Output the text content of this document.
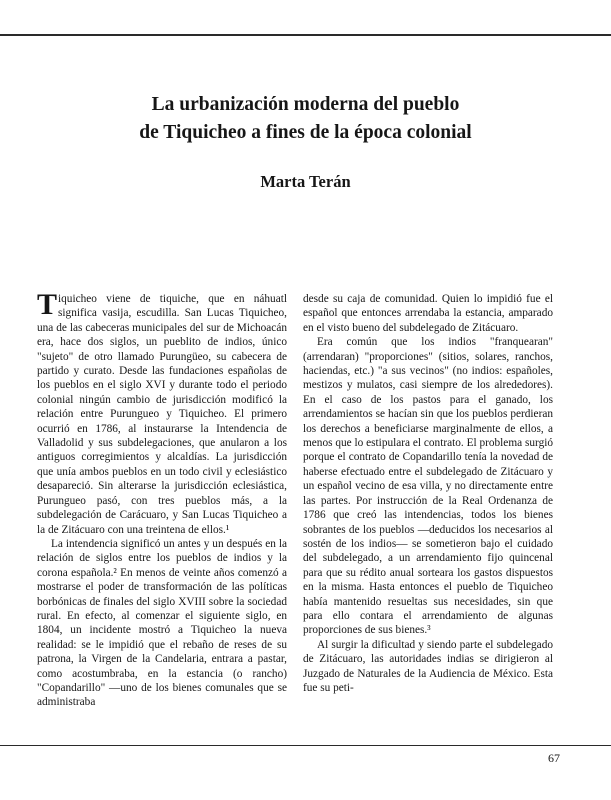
La urbanización moderna del pueblo
de Tiquicheo a fines de la época colonial
Marta Terán

Tiquicheo viene de tiquiche, que en náhuatl significa vasija, escudilla. San Lucas Tiquicheo, una de las cabeceras municipales del sur de Michoacán era, hace dos siglos, un pueblito de indios, único "sujeto" de otro llamado Purungüeo, su cabecera de partido y curato. Desde las fundaciones españolas de los pueblos en el siglo XVI y durante todo el periodo colonial ningún cambio de jurisdicción modificó la relación entre Purungueo y Tiquicheo. El primero ocurrió en 1786, al instaurarse la Intendencia de Valladolid y sus subdelegaciones, que anularon a los antiguos corregimientos y alcaldías. La jurisdicción que unía ambos pueblos en un todo civil y eclesiástico desapareció. Sin alterarse la jurisdicción eclesiástica, Purungueo pasó, con tres pueblos más, a la subdelegación de Carácuaro, y San Lucas Tiquicheo a la de Zitácuaro con una treintena de ellos.¹

La intendencia significó un antes y un después en la relación de siglos entre los pueblos de indios y la corona española.² En menos de veinte años comenzó a mostrarse el poder de transformación de las políticas borbónicas de finales del siglo XVIII sobre la sociedad rural. En efecto, al comenzar el siguiente siglo, en 1804, un incidente mostró a Tiquicheo la nueva realidad: se le impidió que el rebaño de reses de su patrona, la Virgen de la Candelaria, entrara a pastar, como acostumbraba, en la estancia (o rancho) "Copandarillo" —uno de los bienes comunales que se administraba

desde su caja de comunidad. Quien lo impidió fue el español que entonces arrendaba la estancia, amparado en el visto bueno del subdelegado de Zitácuaro.

Era común que los indios "franquearan" (arrendaran) "proporciones" (sitios, solares, ranchos, haciendas, etc.) "a sus vecinos" (no indios: españoles, mestizos y mulatos, casi siempre de los alrededores). En el caso de los pastos para el ganado, los arrendamientos se hacían sin que los pueblos perdieran los derechos a beneficiarse marginalmente de ellos, a menos que lo estipulara el contrato. El problema surgió porque el contrato de Copandarillo tenía la novedad de haberse efectuado entre el subdelegado de Zitácuaro y un español vecino de esa villa, y no directamente entre las partes. Por instrucción de la Real Ordenanza de 1786 que creó las intendencias, todos los bienes sobrantes de los pueblos —deducidos los necesarios al sostén de los indios— se sometieron bajo el cuidado del subdelegado, a un arrendamiento fijo quincenal para que su rédito anual sorteara los gastos dispuestos en la misma. Hasta entonces el pueblo de Tiquicheo había mantenido resueltas sus necesidades, sin que para ello contara el arrendamiento de algunas proporciones de sus bienes.³

Al surgir la dificultad y siendo parte el subdelegado de Zitácuaro, las autoridades indias se dirigieron al Juzgado de Naturales de la Audiencia de México. Esta fue su peti-

67
